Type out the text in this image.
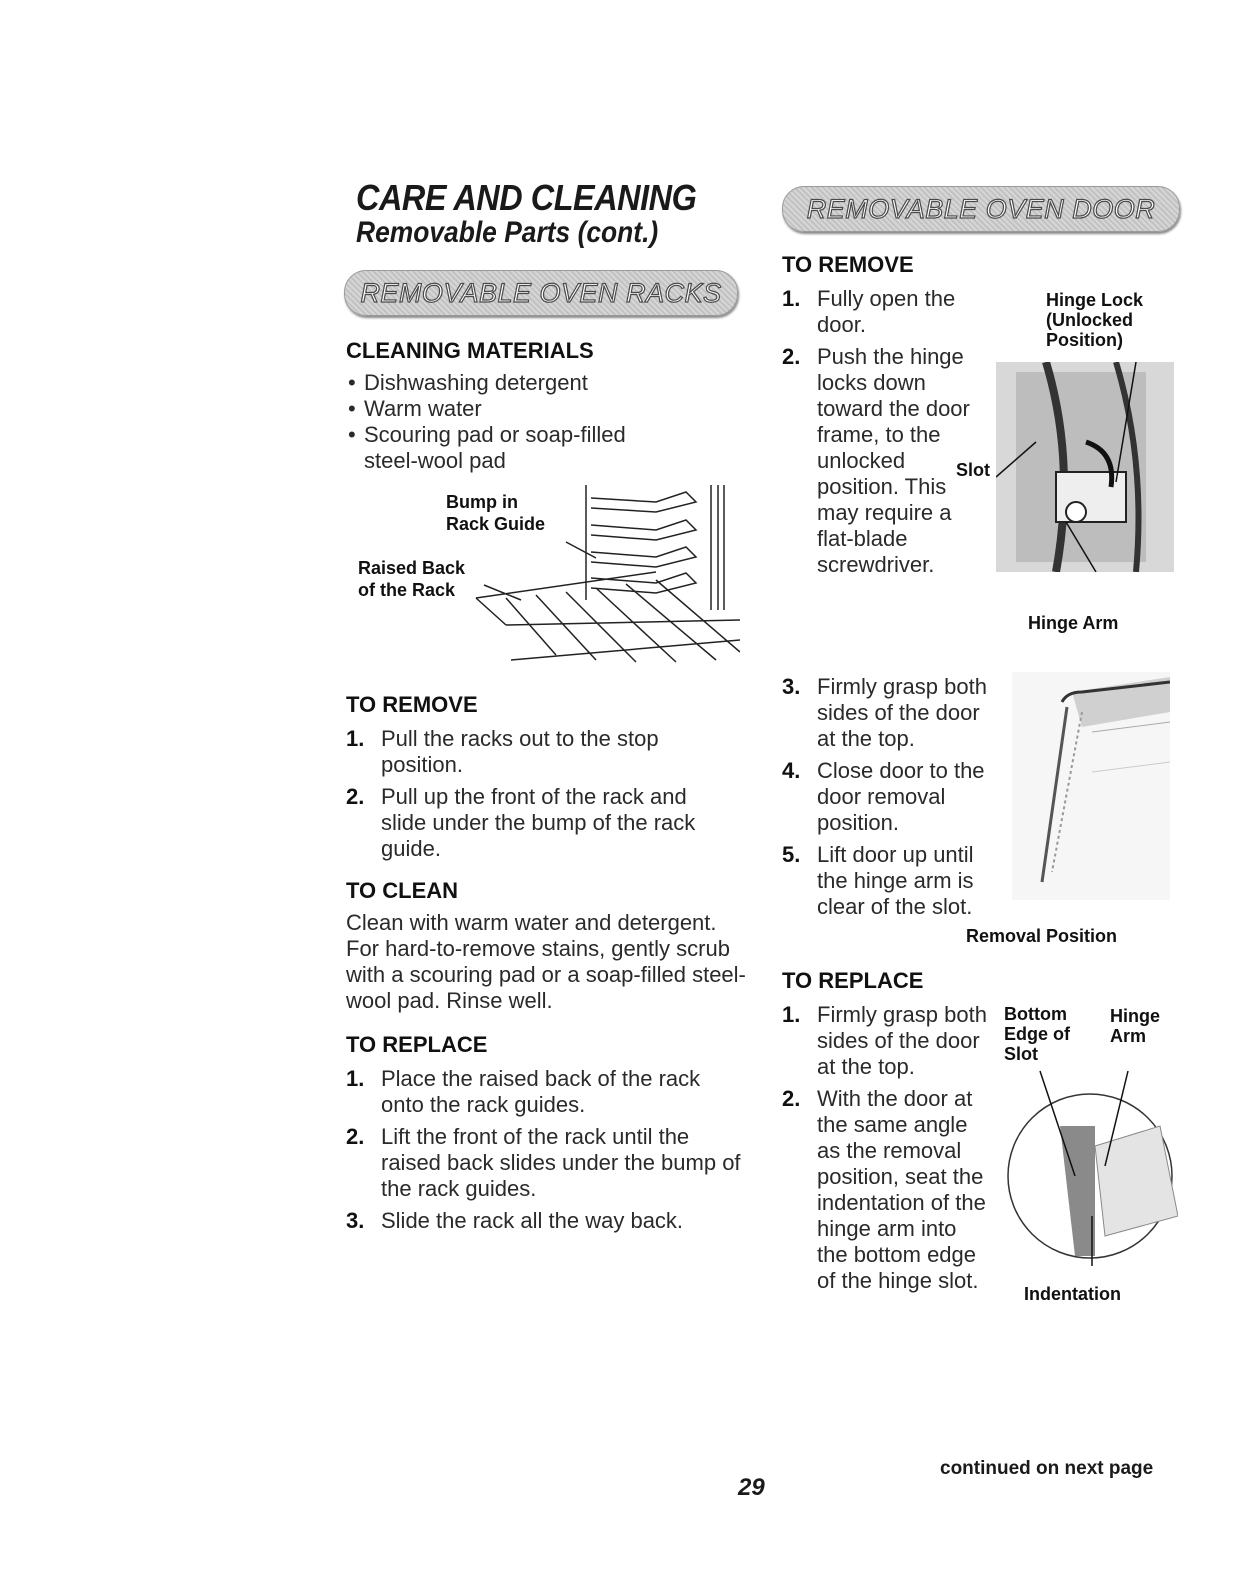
CARE AND CLEANING
Removable Parts (cont.)
REMOVABLE OVEN RACKS
CLEANING MATERIALS
• Dishwashing detergent
• Warm water
• Scouring pad or soap-filled steel-wool pad
Bump in
Rack Guide
Raised Back
of the Rack
TO REMOVE
1. Pull the racks out to the stop position.
2. Pull up the front of the rack and slide under the bump of the rack guide.
TO CLEAN
Clean with warm water and detergent. For hard-to-remove stains, gently scrub with a scouring pad or a soap-filled steel-wool pad. Rinse well.
TO REPLACE
1. Place the raised back of the rack onto the rack guides.
2. Lift the front of the rack until the raised back slides under the bump of the rack guides.
3. Slide the rack all the way back.
REMOVABLE OVEN DOOR
TO REMOVE
1. Fully open the door.
2. Push the hinge locks down toward the door frame, to the unlocked position. This may require a flat-blade screwdriver.
Hinge Lock
(Unlocked
Position)
Slot
Hinge Arm
3. Firmly grasp both sides of the door at the top.
4. Close door to the door removal position.
5. Lift door up until the hinge arm is clear of the slot.
Removal Position
TO REPLACE
1. Firmly grasp both sides of the door at the top.
2. With the door at the same angle as the removal position, seat the indentation of the hinge arm into the bottom edge of the hinge slot.
Bottom
Edge of
Slot
Hinge
Arm
Indentation
29
continued on next page
